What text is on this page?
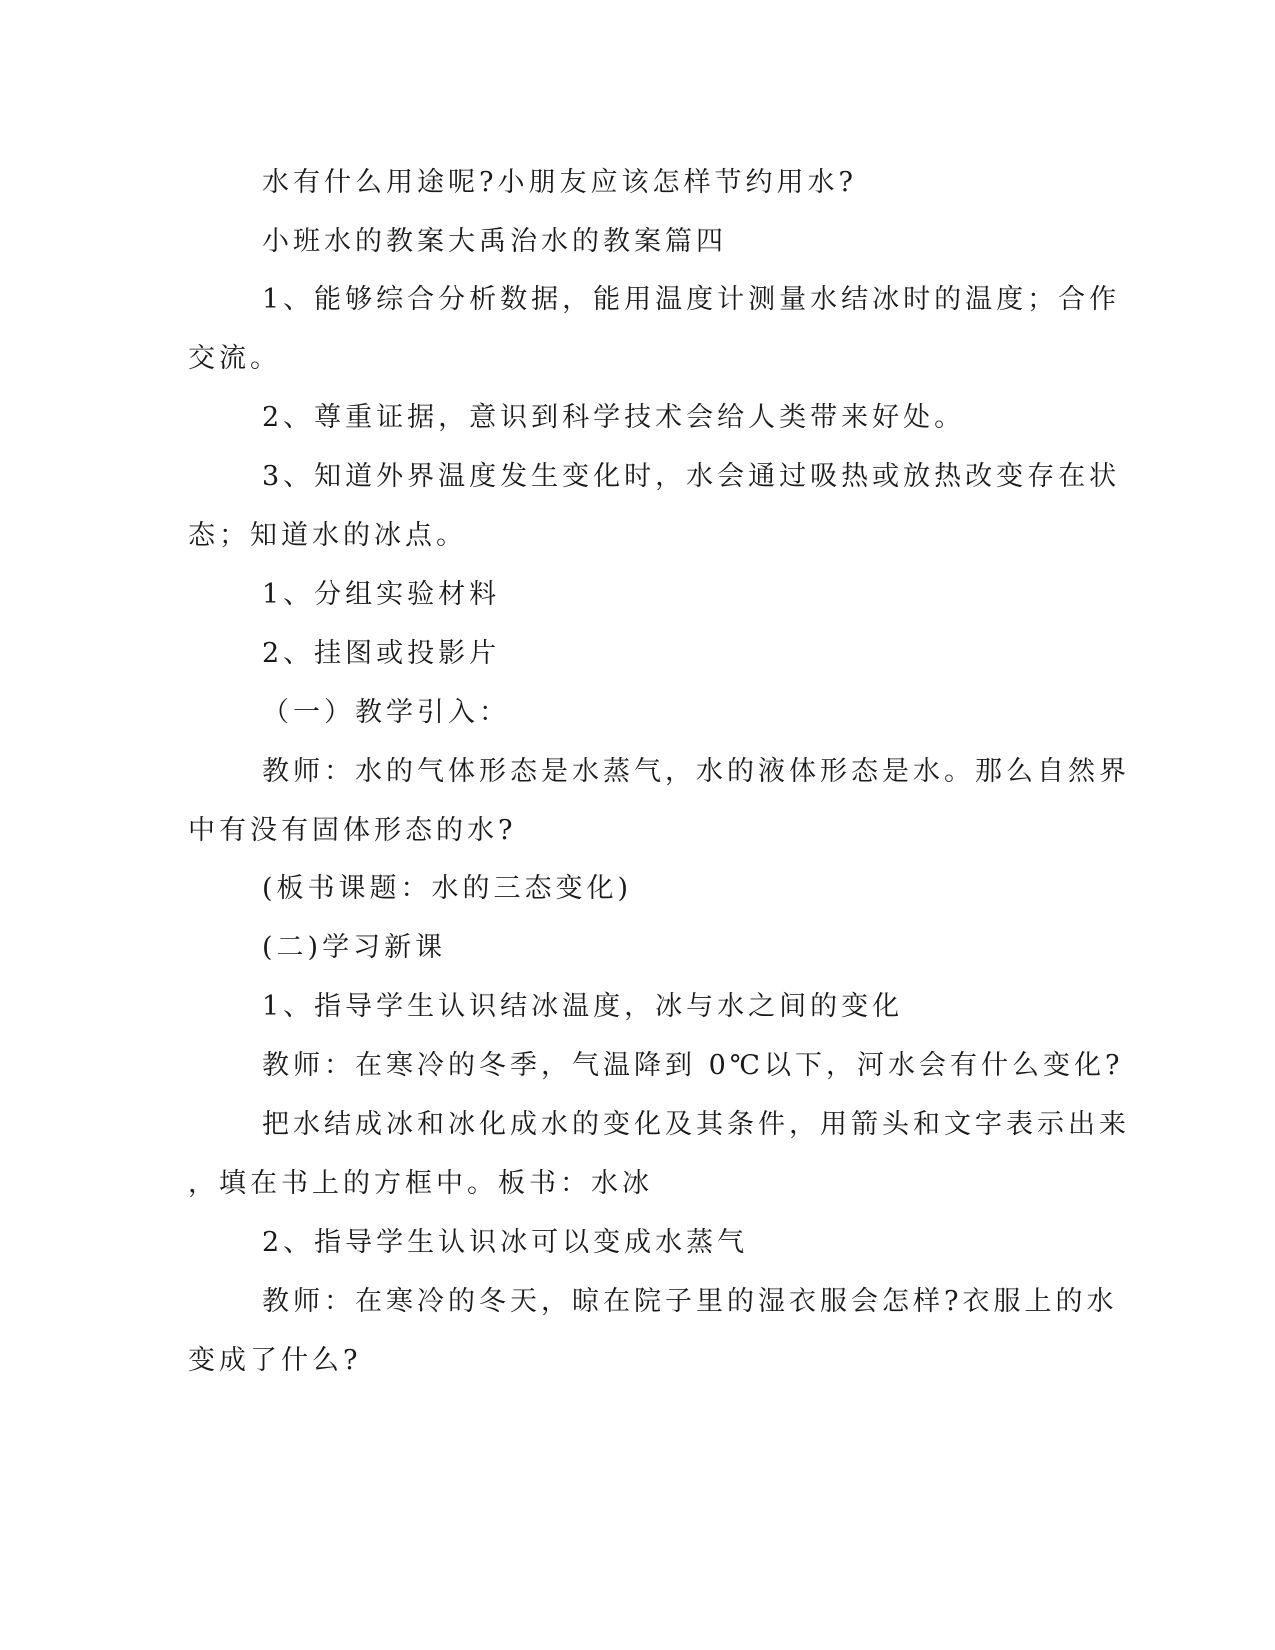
水有什么用途呢?小朋友应该怎样节约用水?
小班水的教案大禹治水的教案篇四
1、能够综合分析数据，能用温度计测量水结冰时的温度；合作
交流。
2、尊重证据，意识到科学技术会给人类带来好处。
3、知道外界温度发生变化时，水会通过吸热或放热改变存在状
态；知道水的冰点。
1、分组实验材料
2、挂图或投影片
（一）教学引入：
教师：水的气体形态是水蒸气，水的液体形态是水。那么自然界
中有没有固体形态的水?
(板书课题：水的三态变化)
(二)学习新课
1、指导学生认识结冰温度，冰与水之间的变化
教师：在寒冷的冬季，气温降到 0℃以下，河水会有什么变化?
把水结成冰和冰化成水的变化及其条件，用箭头和文字表示出来
，填在书上的方框中。板书：水冰
2、指导学生认识冰可以变成水蒸气
教师：在寒冷的冬天，晾在院子里的湿衣服会怎样?衣服上的水
变成了什么?
